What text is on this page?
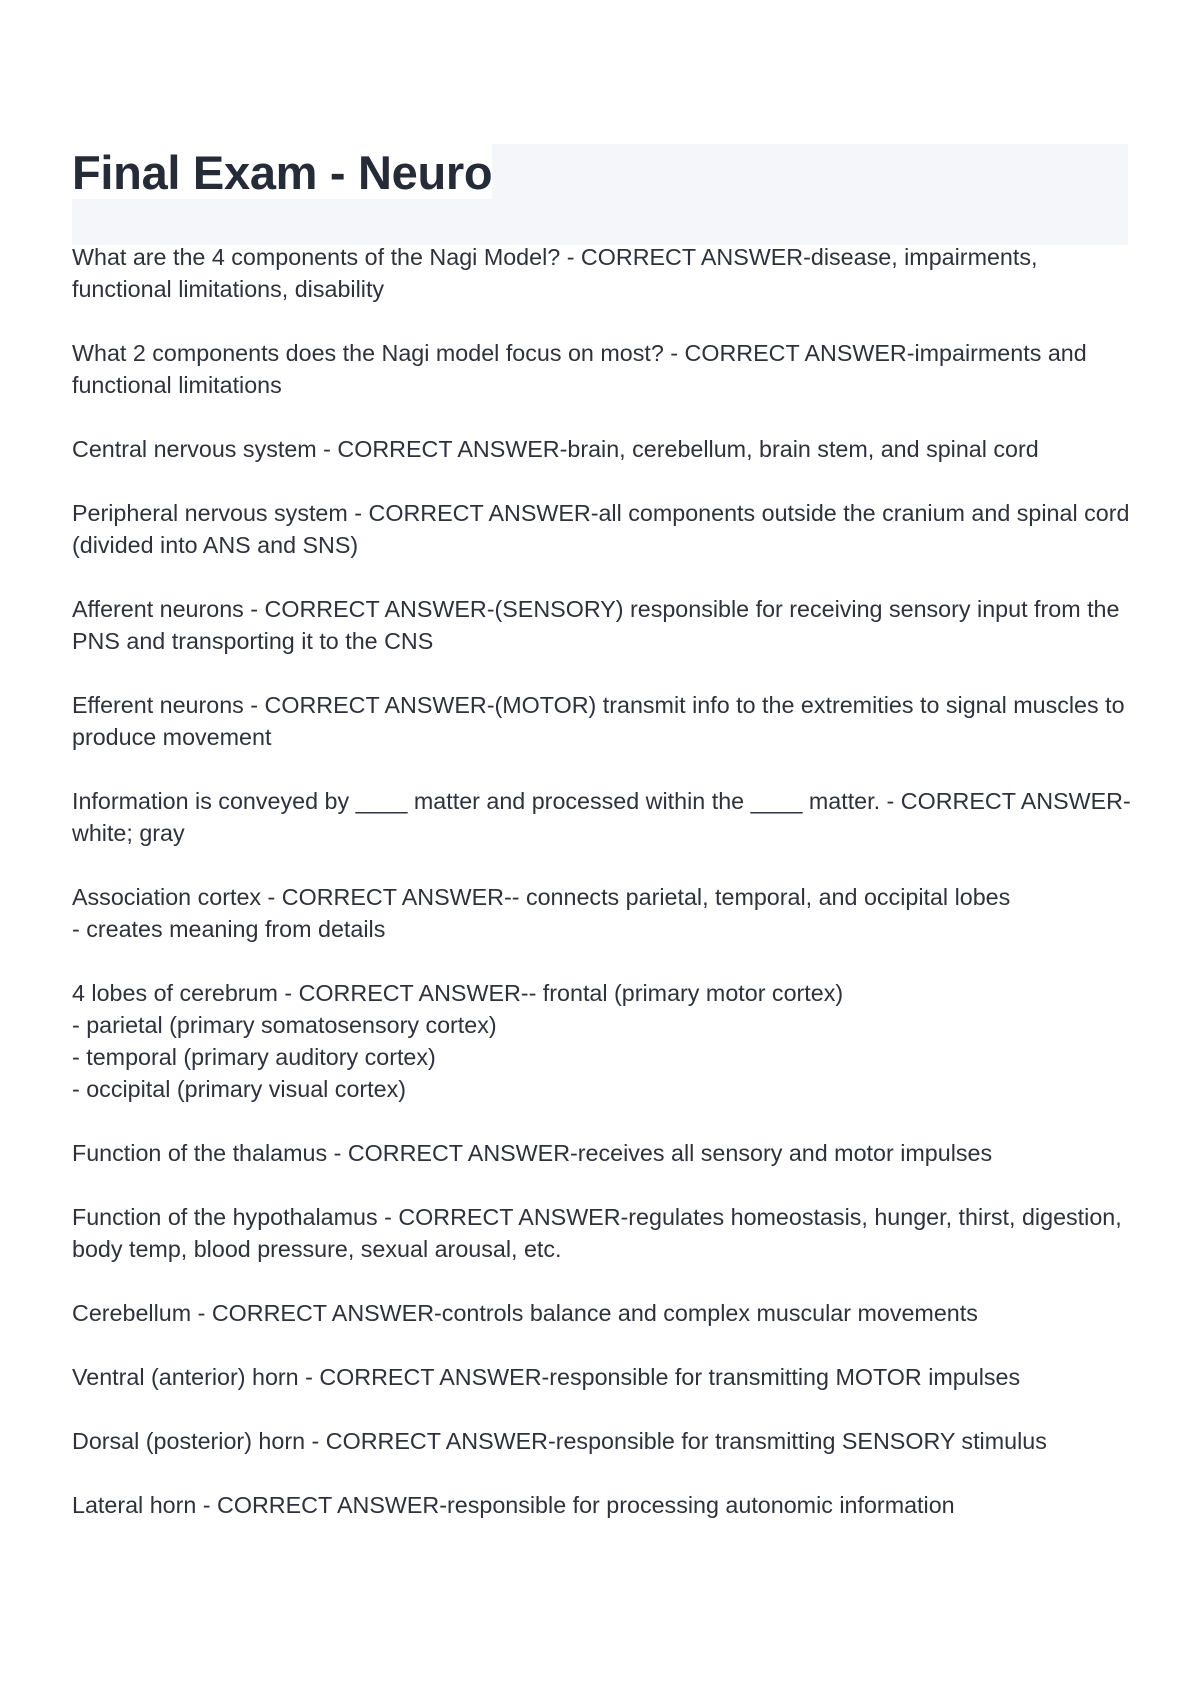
Final Exam - Neuro
What are the 4 components of the Nagi Model? - CORRECT ANSWER-disease, impairments, functional limitations, disability
What 2 components does the Nagi model focus on most? - CORRECT ANSWER-impairments and functional limitations
Central nervous system - CORRECT ANSWER-brain, cerebellum, brain stem, and spinal cord
Peripheral nervous system - CORRECT ANSWER-all components outside the cranium and spinal cord (divided into ANS and SNS)
Afferent neurons - CORRECT ANSWER-(SENSORY) responsible for receiving sensory input from the PNS and transporting it to the CNS
Efferent neurons - CORRECT ANSWER-(MOTOR) transmit info to the extremities to signal muscles to produce movement
Information is conveyed by ____ matter and processed within the ____ matter. - CORRECT ANSWER-white; gray
Association cortex - CORRECT ANSWER-- connects parietal, temporal, and occipital lobes
- creates meaning from details
4 lobes of cerebrum - CORRECT ANSWER-- frontal (primary motor cortex)
- parietal (primary somatosensory cortex)
- temporal (primary auditory cortex)
- occipital (primary visual cortex)
Function of the thalamus - CORRECT ANSWER-receives all sensory and motor impulses
Function of the hypothalamus - CORRECT ANSWER-regulates homeostasis, hunger, thirst, digestion, body temp, blood pressure, sexual arousal, etc.
Cerebellum - CORRECT ANSWER-controls balance and complex muscular movements
Ventral (anterior) horn - CORRECT ANSWER-responsible for transmitting MOTOR impulses
Dorsal (posterior) horn - CORRECT ANSWER-responsible for transmitting SENSORY stimulus
Lateral horn - CORRECT ANSWER-responsible for processing autonomic information
